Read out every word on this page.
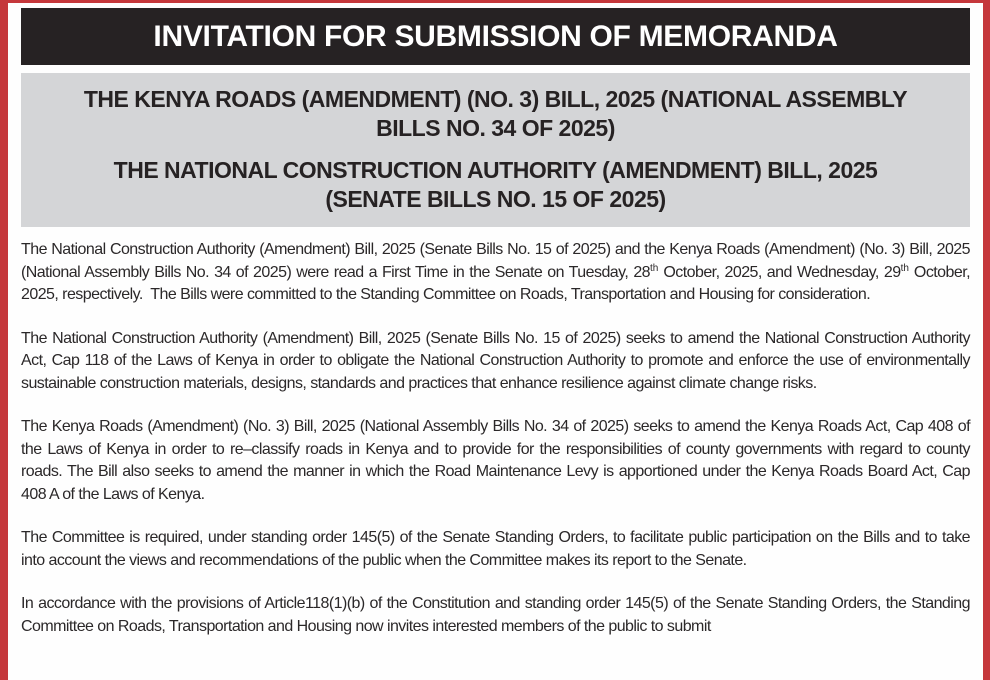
INVITATION FOR SUBMISSION OF MEMORANDA
THE KENYA ROADS (AMENDMENT) (NO. 3) BILL, 2025 (NATIONAL ASSEMBLY
BILLS NO. 34 OF 2025)
THE NATIONAL CONSTRUCTION AUTHORITY (AMENDMENT) BILL, 2025
(SENATE BILLS NO. 15 OF 2025)

The National Construction Authority (Amendment) Bill, 2025 (Senate Bills No. 15 of 2025) and the Kenya Roads (Amendment) (No. 3) Bill, 2025 (National Assembly Bills No. 34 of 2025) were read a First Time in the Senate on Tuesday, 28th October, 2025, and Wednesday, 29th October, 2025, respectively.  The Bills were committed to the Standing Committee on Roads, Transportation and Housing for consideration.

The National Construction Authority (Amendment) Bill, 2025 (Senate Bills No. 15 of 2025) seeks to amend the National Construction Authority Act, Cap 118 of the Laws of Kenya in order to obligate the National Construction Authority to promote and enforce the use of environmentally sustainable construction materials, designs, standards and practices that enhance resilience against climate change risks.

The Kenya Roads (Amendment) (No. 3) Bill, 2025 (National Assembly Bills No. 34 of 2025) seeks to amend the Kenya Roads Act, Cap 408 of the Laws of Kenya in order to re–classify roads in Kenya and to provide for the responsibilities of county governments with regard to county roads. The Bill also seeks to amend the manner in which the Road Maintenance Levy is apportioned under the Kenya Roads Board Act, Cap 408 A of the Laws of Kenya.

The Committee is required, under standing order 145(5) of the Senate Standing Orders, to facilitate public participation on the Bills and to take into account the views and recommendations of the public when the Committee makes its report to the Senate.

In accordance with the provisions of Article118(1)(b) of the Constitution and standing order 145(5) of the Senate Standing Orders, the Standing Committee on Roads, Transportation and Housing now invites interested members of the public to submit
